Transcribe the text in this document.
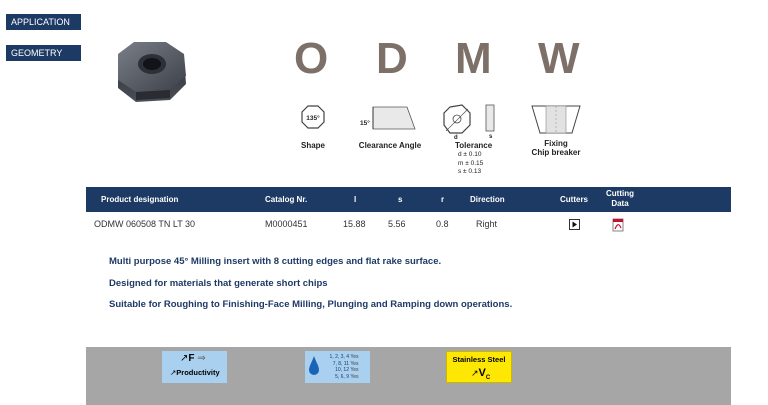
APPLICATION
GEOMETRY	O D M W
135°
Shape
15°
Clearance Angle
d	s
Tolerance
d ± 0.10
m ± 0.15
s ± 0.13
Fixing
Chip breaker
Product designation	Catalog Nr.	l	s	r	Direction	Cutters
Cutting
Data
ODMW 060508 TN LT 30	M0000451	15.88 5.56	0.8	Right
Multi purpose 45° Milling insert with 8 cutting edges and flat rake surface.
Designed for materials that generate short chips
Suitable for Roughing to Finishing-Face Milling, Plunging and Ramping down operations.
↗F ⇒
↗Productivity
1, 2, 3, 4 Yes
7, 8, 11 Yes
10, 12 Yes
5, 6, 9 Yes
Stainless Steel
$↗V_C$
